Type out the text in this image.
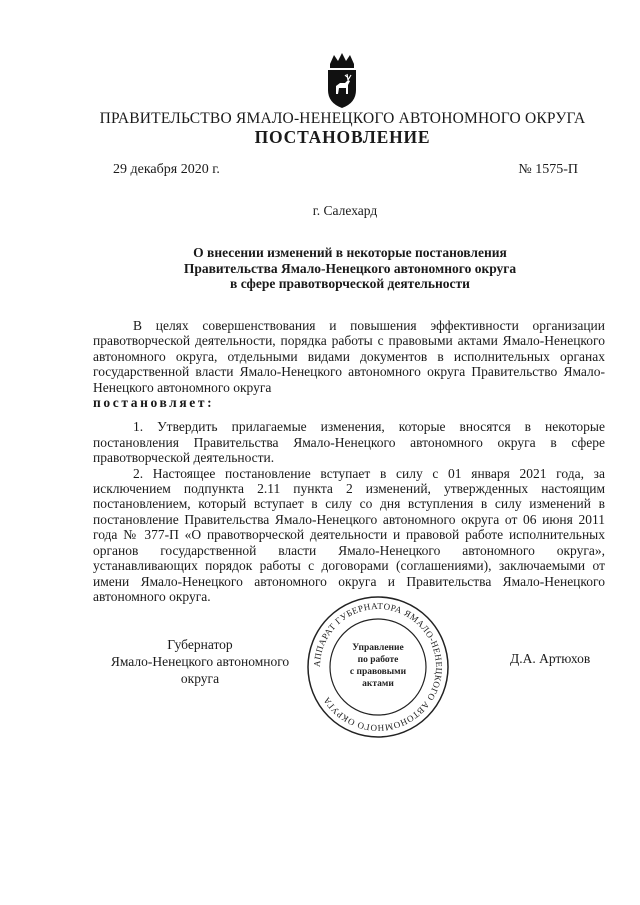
ПРАВИТЕЛЬСТВО ЯМАЛО-НЕНЕЦКОГО АВТОНОМНОГО ОКРУГА
ПОСТАНОВЛЕНИЕ
29 декабря 2020 г.	№ 1575-П
г. Салехард
О внесении изменений в некоторые постановления
Правительства Ямало-Ненецкого автономного округа
в сфере правотворческой деятельности

В целях совершенствования и повышения эффективности организации правотворческой деятельности, порядка работы с правовыми актами Ямало-Ненецкого автономного округа, отдельными видами документов в исполнительных органах государственной власти Ямало-Ненецкого автономного округа Правительство Ямало-Ненецкого автономного округа

постановляет:

1. Утвердить прилагаемые изменения, которые вносятся в некоторые постановления Правительства Ямало-Ненецкого автономного округа в сфере правотворческой деятельности.

2. Настоящее постановление вступает в силу с 01 января 2021 года, за исключением подпункта 2.11 пункта 2 изменений, утвержденных настоящим постановлением, который вступает в силу со дня вступления в силу изменений в постановление Правительства Ямало-Ненецкого автономного округа от 06 июня 2011 года № 377-П «О правотворческой деятельности и правовой работе исполнительных органов государственной власти Ямало-Ненецкого автономного округа», устанавливающих порядок работы с договорами (соглашениями), заключаемыми от имени Ямало-Ненецкого автономного округа и Правительства Ямало-Ненецкого автономного округа.

Губернатор
Ямало-Ненецкого автономного округа
Д.А. Артюхов
АППАРАТ ГУБЕРНАТОРА ЯМАЛО-НЕНЕЦКОГО АВТОНОМНОГО ОКРУГА
Управление
по работе
с правовыми
актами
